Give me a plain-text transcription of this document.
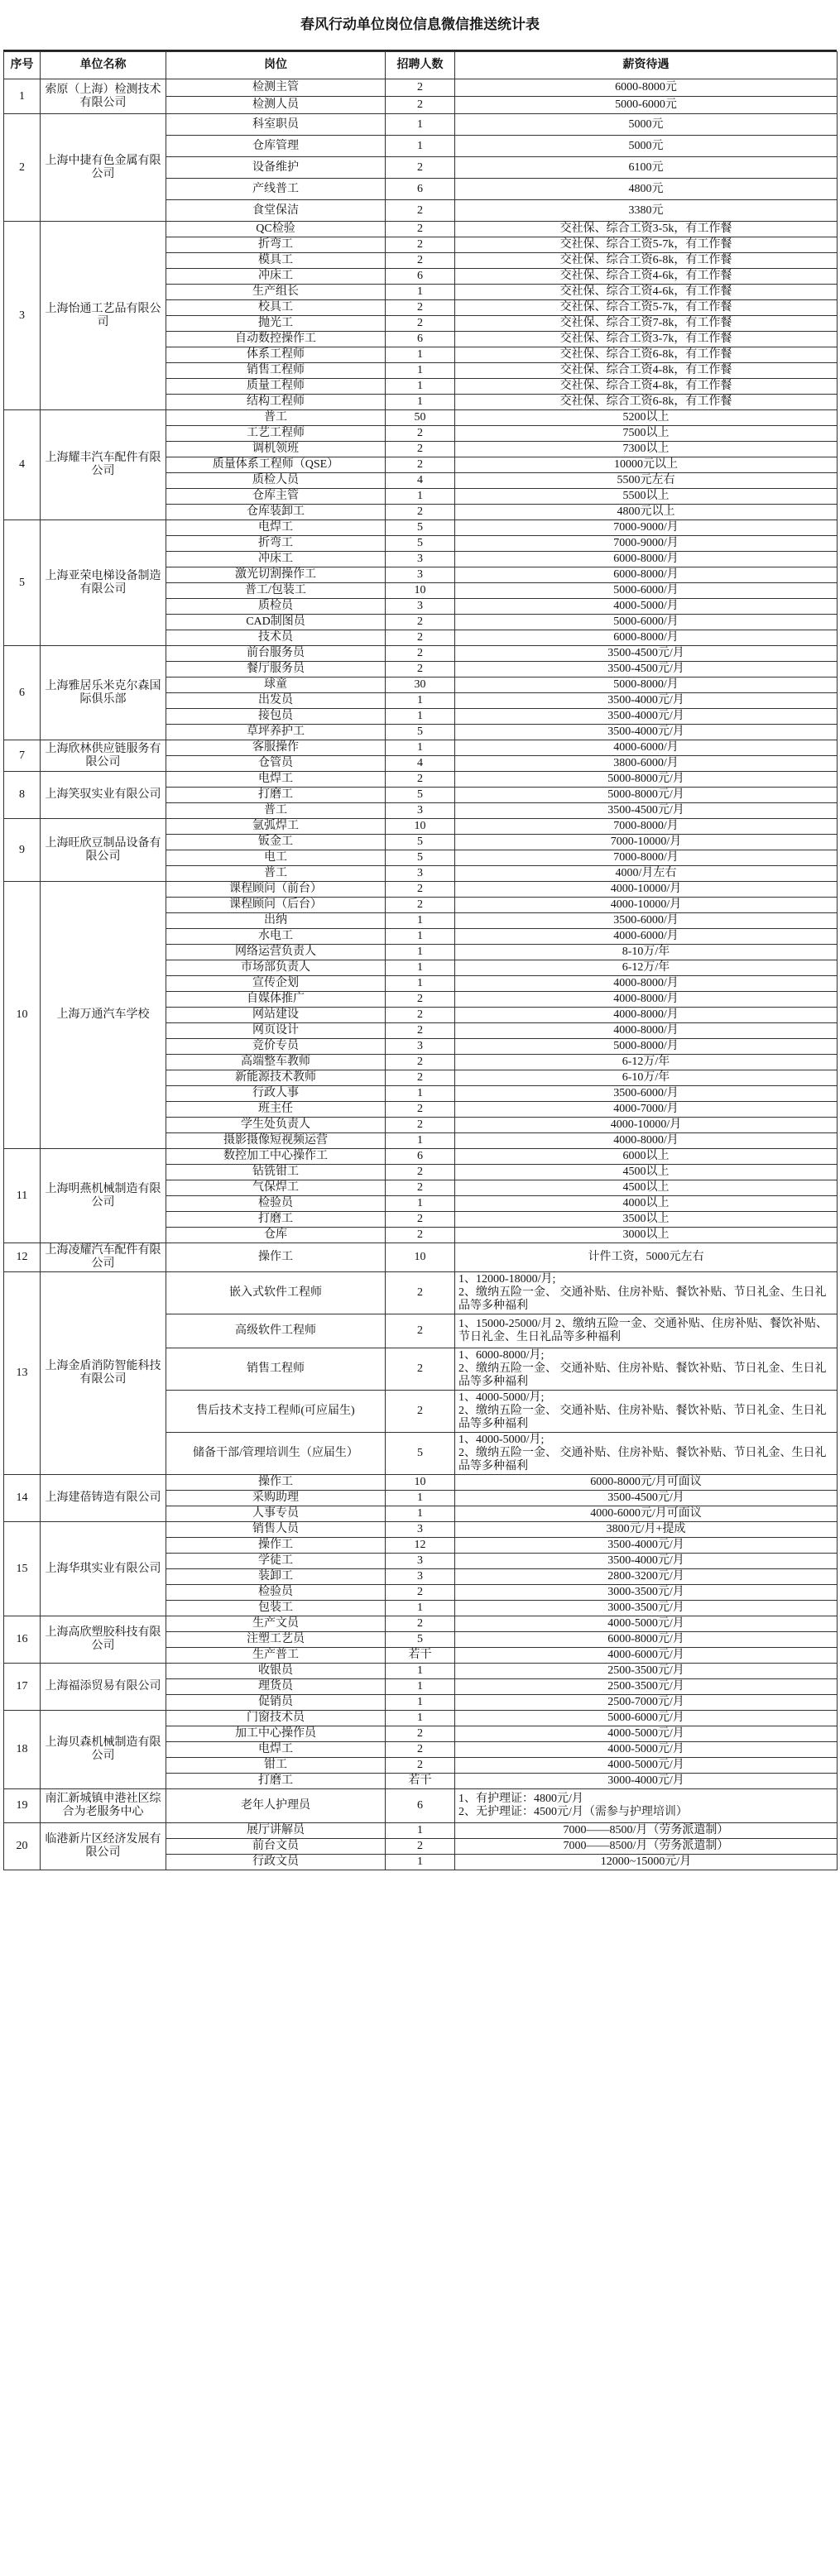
春风行动单位岗位信息微信推送统计表
序号	单位名称	岗位	招聘人数	薪资待遇
1	索原（上海）检测技术有限公司	检测主管	2	6000-8000元
		检测人员	2	5000-6000元
2	上海中捷有色金属有限公司	科室职员	1	5000元
		仓库管理	1	5000元
		设备维护	2	6100元
		产线普工	6	4800元
		食堂保洁	2	3380元
3	上海怡通工艺品有限公司	QC检验	2	交社保、综合工资3-5k，有工作餐
		折弯工	2	交社保、综合工资5-7k，有工作餐
		模具工	2	交社保、综合工资6-8k，有工作餐
		冲床工	6	交社保、综合工资4-6k，有工作餐
		生产组长	1	交社保、综合工资4-6k，有工作餐
		校具工	2	交社保、综合工资5-7k，有工作餐
		抛光工	2	交社保、综合工资7-8k，有工作餐
		自动数控操作工	6	交社保、综合工资3-7k，有工作餐
		体系工程师	1	交社保、综合工资6-8k，有工作餐
		销售工程师	1	交社保、综合工资4-8k，有工作餐
		质量工程师	1	交社保、综合工资4-8k，有工作餐
		结构工程师	1	交社保、综合工资6-8k，有工作餐
4	上海耀丰汽车配件有限公司	普工	50	5200以上
		工艺工程师	2	7500以上
		调机领班	2	7300以上
		质量体系工程师（QSE）	2	10000元以上
		质检人员	4	5500元左右
		仓库主管	1	5500以上
		仓库装卸工	2	4800元以上
5	上海亚荣电梯设备制造有限公司	电焊工	5	7000-9000/月
		折弯工	5	7000-9000/月
		冲床工	3	6000-8000/月
		激光切割操作工	3	6000-8000/月
		普工/包装工	10	5000-6000/月
		质检员	3	4000-5000/月
		CAD制图员	2	5000-6000/月
		技术员	2	6000-8000/月
6	上海雅居乐米克尔森国际俱乐部	前台服务员	2	3500-4500元/月
		餐厅服务员	2	3500-4500元/月
		球童	30	5000-8000/月
		出发员	1	3500-4000元/月
		接包员	1	3500-4000元/月
		草坪养护工	5	3500-4000元/月
7	上海欣林供应链服务有限公司	客服操作	1	4000-6000/月
		仓管员	4	3800-6000/月
8	上海笑驭实业有限公司	电焊工	2	5000-8000元/月
		打磨工	5	5000-8000元/月
		普工	3	3500-4500元/月
9	上海旺欣豆制品设备有限公司	氩弧焊工	10	7000-8000/月
		钣金工	5	7000-10000/月
		电工	5	7000-8000/月
		普工	3	4000/月左右
10	上海万通汽车学校	课程顾问（前台）	2	4000-10000/月
		课程顾问（后台）	2	4000-10000/月
		出纳	1	3500-6000/月
		水电工	1	4000-6000/月
		网络运营负责人	1	8-10万/年
		市场部负责人	1	6-12万/年
		宣传企划	1	4000-8000/月
		自媒体推广	2	4000-8000/月
		网站建设	2	4000-8000/月
		网页设计	2	4000-8000/月
		竞价专员	3	5000-8000/月
		高端整车教师	2	6-12万/年
		新能源技术教师	2	6-10万/年
		行政人事	1	3500-6000/月
		班主任	2	4000-7000/月
		学生处负责人	2	4000-10000/月
		摄影摄像短视频运营	1	4000-8000/月
11	上海明燕机械制造有限公司	数控加工中心操作工	6	6000以上
		钻铣钳工	2	4500以上
		气保焊工	2	4500以上
		检验员	1	4000以上
		打磨工	2	3500以上
		仓库	2	3000以上
12	上海凌耀汽车配件有限公司	操作工	10	计件工资，5000元左右
13	上海金盾消防智能科技有限公司	嵌入式软件工程师	2	1、12000-18000/月;
2、缴纳五险一金、 交通补贴、住房补贴、餐饮补贴、节日礼金、生日礼品等多种福利
		高级软件工程师	2	1、15000-25000/月 2、缴纳五险一金、交通补贴、住房补贴、餐饮补贴、节日礼金、生日礼品等多种福利
		销售工程师	2	1、6000-8000/月;
2、缴纳五险一金、 交通补贴、住房补贴、餐饮补贴、节日礼金、生日礼品等多种福利
		售后技术支持工程师(可应届生)	2	1、4000-5000/月;
2、缴纳五险一金、 交通补贴、住房补贴、餐饮补贴、节日礼金、生日礼品等多种福利
		储备干部/管理培训生（应届生）	5	1、4000-5000/月;
2、缴纳五险一金、 交通补贴、住房补贴、餐饮补贴、节日礼金、生日礼品等多种福利
14	上海建蓓铸造有限公司	操作工	10	6000-8000元/月可面议
		采购助理	1	3500-4500元/月
		人事专员	1	4000-6000元/月可面议
15	上海华琪实业有限公司	销售人员	3	3800元/月+提成
		操作工	12	3500-4000元/月
		学徒工	3	3500-4000元/月
		装卸工	3	2800-3200元/月
		检验员	2	3000-3500元/月
		包装工	1	3000-3500元/月
16	上海高欣塑胶科技有限公司	生产文员	2	4000-5000元/月
		注塑工艺员	5	6000-8000元/月
		生产普工	若干	4000-6000元/月
17	上海福添贸易有限公司	收银员	1	2500-3500元/月
		理货员	1	2500-3500元/月
		促销员	1	2500-7000元/月
18	上海贝森机械制造有限公司	门窗技术员	1	5000-6000元/月
		加工中心操作员	2	4000-5000元/月
		电焊工	2	4000-5000元/月
		钳工	2	4000-5000元/月
		打磨工	若干	3000-4000元/月
19	南汇新城镇申港社区综合为老服务中心	老年人护理员	6	1、有护理证：4800元/月
2、无护理证：4500元/月（需参与护理培训）
20	临港新片区经济发展有限公司	展厅讲解员	1	7000——8500/月（劳务派遣制）
		前台文员	2	7000——8500/月（劳务派遣制）
		行政文员	1	12000~15000元/月
